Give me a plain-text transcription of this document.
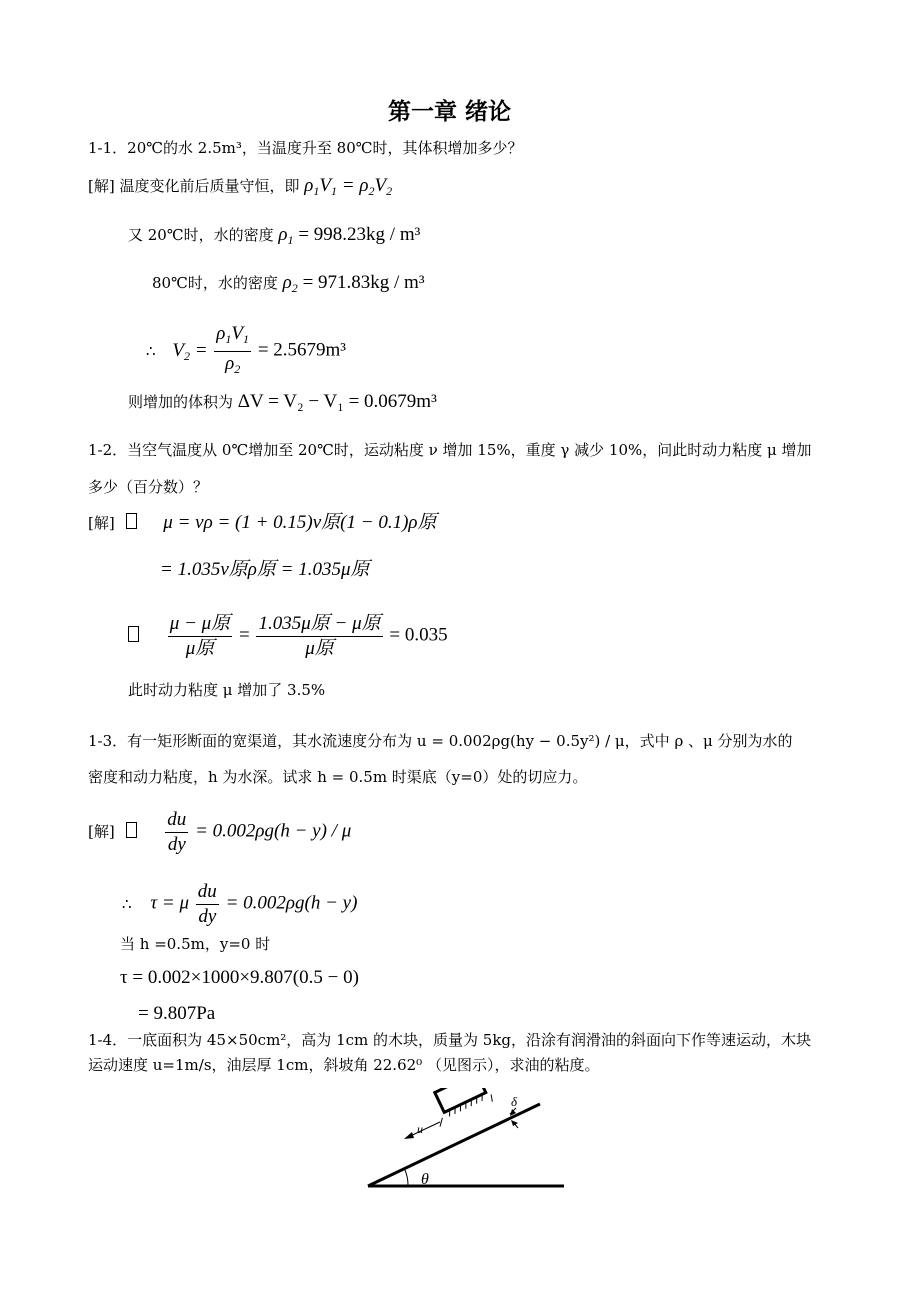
第一章 绪论
1-1．20℃的水 2.5m³，当温度升至 80℃时，其体积增加多少？
[解] 温度变化前后质量守恒，即 $\rho_1V_1 = \rho_2V_2$
又 20℃时，水的密度 $\rho_1 = 998.23kg / m^3$
80℃时，水的密度 $\rho_2 = 971.83kg / m^3$
∴ $V_2 = \frac{\rho_1V_1}{\rho_2} = 2.5679m^3$
则增加的体积为 ΔV = V₂ − V₁ = 0.0679m³
1-2．当空气温度从 0℃增加至 20℃时，运动粘度 ν 增加 15%，重度 γ 减少 10%，问此时动力粘度 μ 增加
多少（百分数）？
[解]	μ = νρ = (1 + 0.15)ν原(1 − 0.1)ρ原
= 1.035ν原ρ原 = 1.035μ原

$\frac{\text{μ − μ原}}{\text{μ原}} = \frac{\text{1.035μ原 − μ原}}{\text{μ原}} = 0.035$
此时动力粘度 μ 增加了 3.5%
1-3．有一矩形断面的宽渠道，其水流速度分布为 u = 0.002ρg(hy − 0.5y²) / μ，式中 ρ 、μ 分别为水的
密度和动力粘度，h 为水深。试求 h = 0.5m 时渠底（y=0）处的切应力。
[解]	$\frac{du}{dy} = 0.002\rho g(h - y) / \mu$
∴ τ = μ $\frac{du}{dy} = 0.002\rho g(h - y)$
当 h =0.5m，y=0 时
τ = 0.002×1000×9.807(0.5 − 0)
= 9.807Pa
1-4．一底面积为 45×50cm²，高为 1cm 的木块，质量为 5kg，沿涂有润滑油的斜面向下作等速运动，木块
运动速度 u=1m/s，油层厚 1cm，斜坡角 22.62⁰ （见图示），求油的粘度。
u
δ
θ
